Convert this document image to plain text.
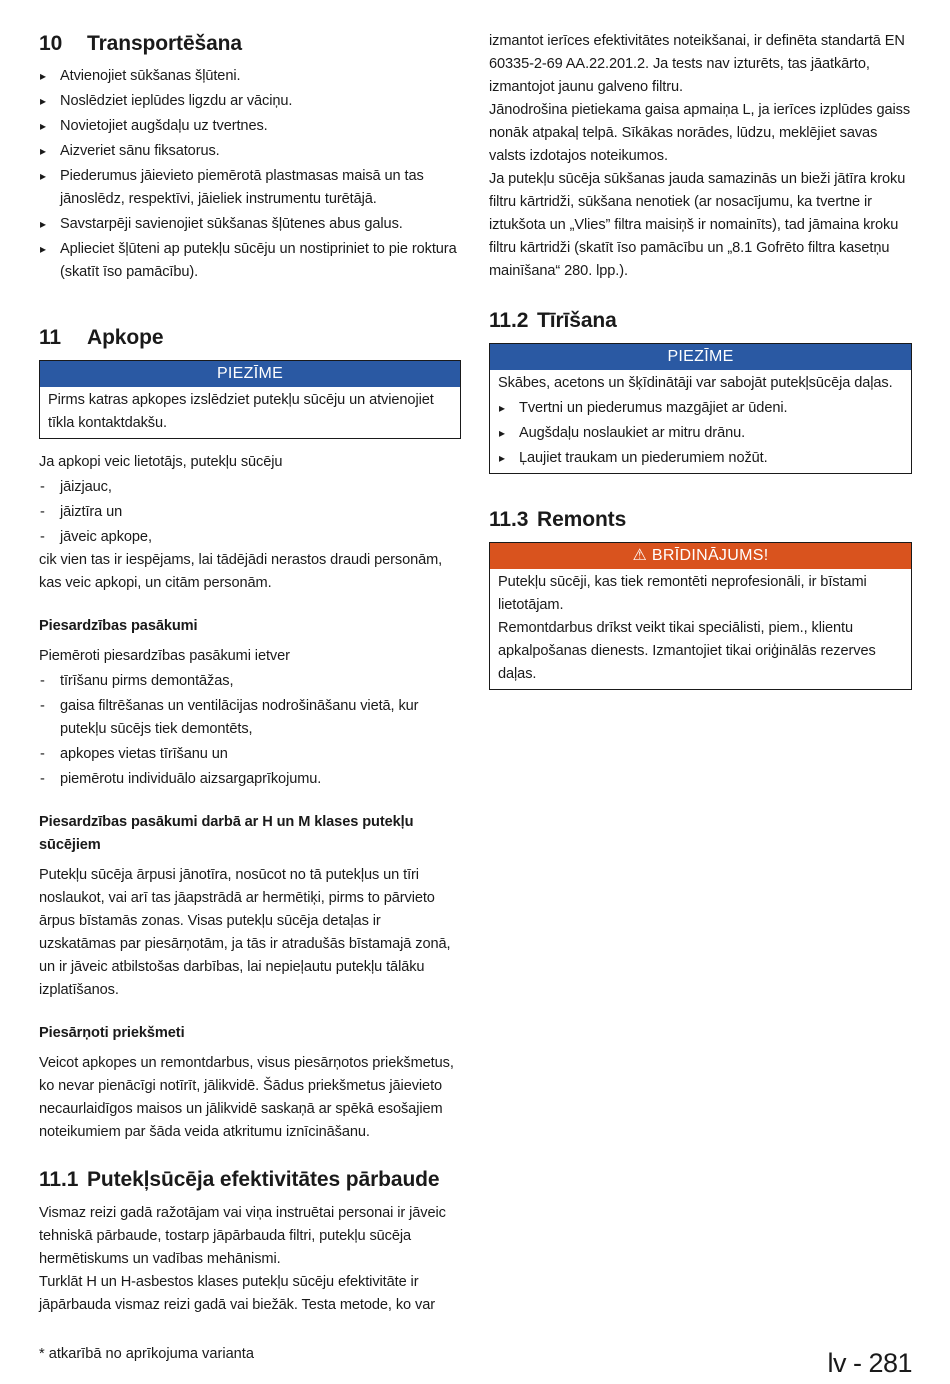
10 Transportēšana
▸ Atvienojiet sūkšanas šļūteni.
▸ Noslēdziet ieplūdes ligzdu ar vāciņu.
▸ Novietojiet augšdaļu uz tvertnes.
▸ Aizveriet sānu fiksatorus.
▸ Piederumus jāievieto piemērotā plastmasas maisā un tas jānoslēdz, respektīvi, jāieliek instrumentu turētājā.
▸ Savstarpēji savienojiet sūkšanas šļūtenes abus galus.
▸ Aplieciet šļūteni ap putekļu sūcēju un nostipriniet to pie roktura (skatīt īso pamācību).
11 Apkope
PIEZĪME
Pirms katras apkopes izslēdziet putekļu sūcēju un atvienojiet tīkla kontaktdakšu.

Ja apkopi veic lietotājs, putekļu sūcēju

- jāizjauc,
- jāiztīra un
- jāveic apkope,

cik vien tas ir iespējams, lai tādējādi nerastos draudi personām, kas veic apkopi, un citām personām.

Piesardzības pasākumi

Piemēroti piesardzības pasākumi ietver

- tīrīšanu pirms demontāžas,
- gaisa filtrēšanas un ventilācijas nodrošināšanu vietā, kur putekļu sūcējs tiek demontēts,
- apkopes vietas tīrīšanu un
- piemērotu individuālo aizsargaprīkojumu.
Piesardzības pasākumi darbā ar H un M klases putekļu sūcējiem

Putekļu sūcēja ārpusi jānotīra, nosūcot no tā putekļus un tīri noslaukot, vai arī tas jāapstrādā ar hermētiķi, pirms to pārvieto ārpus bīstamās zonas. Visas putekļu sūcēja detaļas ir uzskatāmas par piesārņotām, ja tās ir atradušās bīstamajā zonā, un ir jāveic atbilstošas darbības, lai nepieļautu putekļu tālāku izplatīšanos.

Piesārņoti priekšmeti

Veicot apkopes un remontdarbus, visus piesārņotos priekšmetus, ko nevar pienācīgi notīrīt, jālikvidē. Šādus priekšmetus jāievieto necaurlaidīgos maisos un jālikvidē saskaņā ar spēkā esošajiem noteikumiem par šāda veida atkritumu iznīcināšanu.

11.1 Putekļsūcēja efektivitātes pārbaude

Vismaz reizi gadā ražotājam vai viņa instruētai personai ir jāveic tehniskā pārbaude, tostarp jāpārbauda filtri, putekļu sūcēja hermētiskums un vadības mehānismi.

Turklāt H un H-asbestos klases putekļu sūcēju efektivitāte ir jāpārbauda vismaz reizi gadā vai biežāk. Testa metode, ko var

izmantot ierīces efektivitātes noteikšanai, ir definēta standartā EN 60335-2-69 AA.22.201.2. Ja tests nav izturēts, tas jāatkārto, izmantojot jaunu galveno filtru.

Jānodrošina pietiekama gaisa apmaiņa L, ja ierīces izplūdes gaiss nonāk atpakaļ telpā. Sīkākas norādes, lūdzu, meklējiet savas valsts izdotajos noteikumos.

Ja putekļu sūcēja sūkšanas jauda samazinās un bieži jātīra kroku filtru kārtridži, sūkšana nenotiek (ar nosacījumu, ka tvertne ir iztukšota un „Vlies” filtra maisiņš ir nomainīts), tad jāmaina kroku filtru kārtridži (skatīt īso pamācību un „8.1 Gofrēto filtra kasetņu mainīšana“ 280. lpp.).

11.2 Tīrīšana
PIEZĪME

Skābes, acetons un šķīdinātāji var sabojāt putekļsūcēja daļas.

▸ Tvertni un piederumus mazgājiet ar ūdeni.
▸ Augšdaļu noslaukiet ar mitru drānu.
▸ Ļaujiet traukam un piederumiem nožūt.
11.3 Remonts
⚠ BRĪDINĀJUMS!

Putekļu sūcēji, kas tiek remontēti neprofesionāli, ir bīstami lietotājam.

Remontdarbus drīkst veikt tikai speciālisti, piem., klientu apkalpošanas dienests. Izmantojiet tikai oriģinālās rezerves daļas.

* atkarībā no aprīkojuma varianta	lv - 281
